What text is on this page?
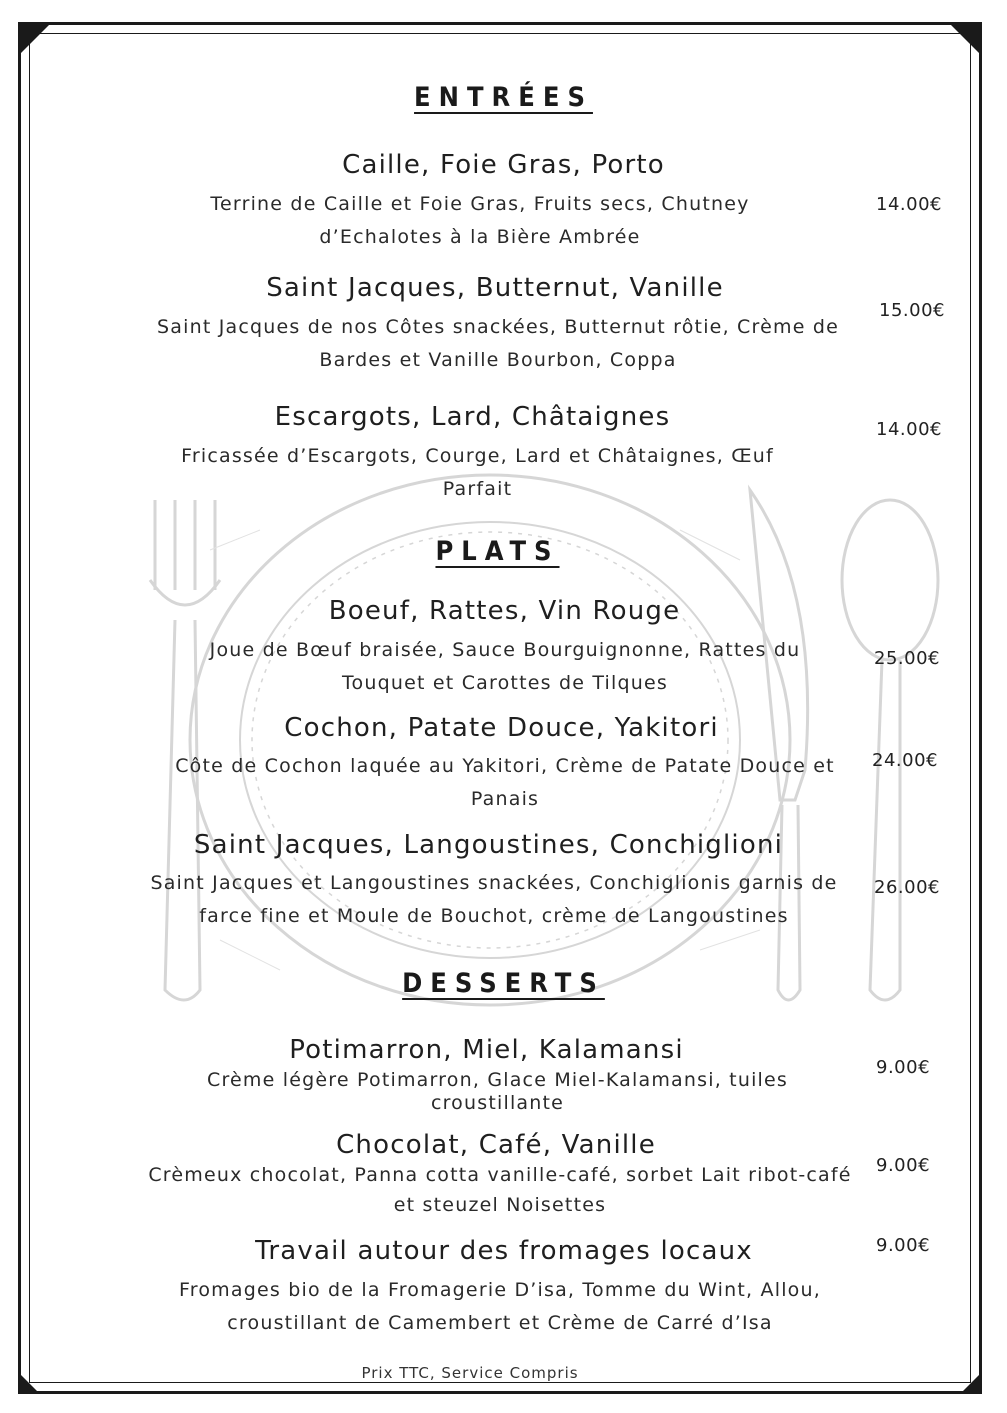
ENTRÉES
Caille, Foie Gras, Porto
Terrine de Caille et Foie Gras, Fruits secs, Chutney d’Echalotes à la Bière Ambrée
14.00€
Saint Jacques, Butternut, Vanille
Saint Jacques de nos Côtes snackées, Butternut rôtie, Crème de Bardes et Vanille Bourbon, Coppa
15.00€
Escargots, Lard, Châtaignes
Fricassée d’Escargots, Courge, Lard et Châtaignes, Œuf Parfait
14.00€
PLATS
Boeuf, Rattes, Vin Rouge
Joue de Bœuf braisée, Sauce Bourguignonne, Rattes du Touquet et Carottes de Tilques
25.00€
Cochon, Patate Douce, Yakitori
Côte de Cochon laquée au Yakitori, Crème de Patate Douce et Panais
24.00€
Saint Jacques, Langoustines, Conchiglioni
Saint Jacques et Langoustines snackées, Conchiglionis garnis de farce fine et Moule de Bouchot, crème de Langoustines
26.00€
DESSERTS
Potimarron, Miel, Kalamansi
Crème légère Potimarron, Glace Miel-Kalamansi, tuiles croustillante
9.00€
Chocolat, Café, Vanille
Crèmeux chocolat, Panna cotta vanille-café, sorbet Lait ribot-café et steuzel Noisettes
9.00€
Travail autour des fromages locaux
Fromages bio de la Fromagerie D’isa, Tomme du Wint, Allou, croustillant de Camembert et Crème de Carré d’Isa
9.00€
Prix TTC, Service Compris
